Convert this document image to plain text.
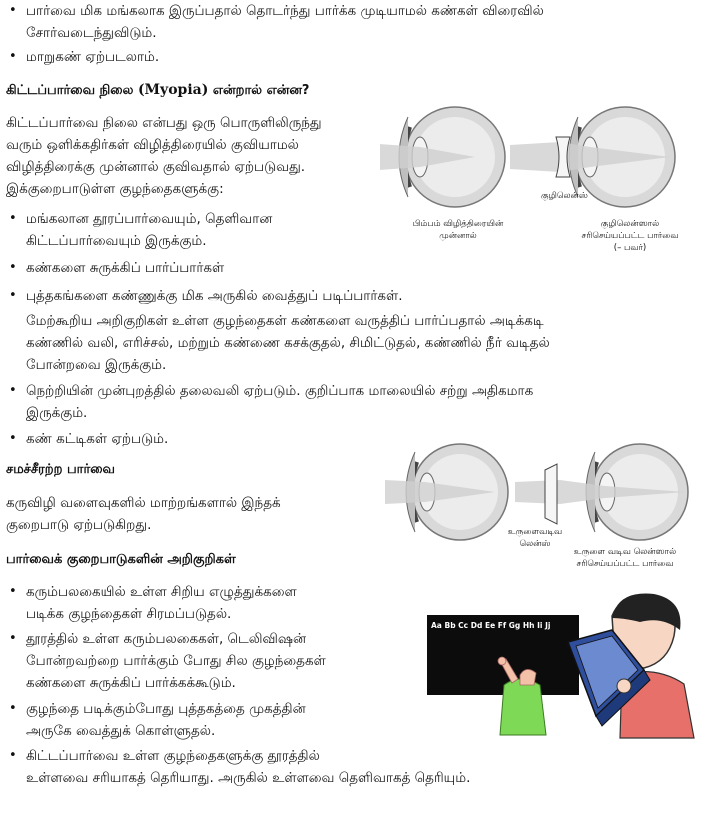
• பார்வை மிக மங்கலாக இருப்பதால் தொடர்ந்து பார்க்க முடியாமல் கண்கள் விரைவில்
சோர்வடைந்துவிடும்.
• மாறுகண் ஏற்படலாம்.
கிட்டப்பார்வை நிலை (Myopia) என்றால் என்ன?
கிட்டப்பார்வை நிலை என்பது ஒரு பொருளிலிருந்து
வரும் ஒளிக்கதிர்கள் விழித்திரையில் குவியாமல்
விழித்திரைக்கு முன்னால் குவிவதால் ஏற்படுவது.
இக்குறைபாடுள்ள குழந்தைகளுக்கு:
• மங்கலான தூரப்பார்வையும், தெளிவான
கிட்டப்பார்வையும் இருக்கும்.
• கண்களை சுருக்கிப் பார்ப்பார்கள்
• புத்தகங்களை கண்ணுக்கு மிக அருகில் வைத்துப் படிப்பார்கள்.
மேற்கூறிய அறிகுறிகள் உள்ள குழந்தைகள் கண்களை வருத்திப் பார்ப்பதால் அடிக்கடி
கண்ணில் வலி, எரிச்சல், மற்றும் கண்ணை கசக்குதல், சிமிட்டுதல், கண்ணில் நீர் வடிதல்
போன்றவை இருக்கும்.
• நெற்றியின் முன்புறத்தில் தலைவலி ஏற்படும். குறிப்பாக மாலையில் சற்று அதிகமாக
இருக்கும்.
• கண் கட்டிகள் ஏற்படும்.
குழிலென்ஸ்
பிம்பம் விழித்திரையின்
முன்னால்
குழிலென்ஸால்
சரிசெய்யப்பட்ட பார்வை
(– பவர்)
சமச்சீரற்ற பார்வை
கருவிழி வளைவுகளில் மாற்றங்களால் இந்தக்
குறைபாடு ஏற்படுகிறது.	உருளைவடிவ
லென்ஸ்
உருளை வடிவ லென்ஸால்
சரிசெய்யப்பட்ட பார்வை
பார்வைக் குறைபாடுகளின் அறிகுறிகள்
• கரும்பலகையில் உள்ள சிறிய எழுத்துக்களை
படிக்க குழந்தைகள் சிரமப்படுதல்.
• தூரத்தில் உள்ள கரும்பலகைகள், டெலிவிஷன்
போன்றவற்றை பார்க்கும் போது சில குழந்தைகள்
கண்களை சுருக்கிப் பார்க்கக்கூடும்.
• குழந்தை படிக்கும்போது புத்தகத்தை முகத்தின்
அருகே வைத்துக் கொள்ளுதல்.
• கிட்டப்பார்வை உள்ள குழந்தைகளுக்கு தூரத்தில்
உள்ளவை சரியாகத் தெரியாது. அருகில் உள்ளவை தெளிவாகத் தெரியும்.
Aa Bb Cc Dd Ee Ff Gg Hh Ii Jj
